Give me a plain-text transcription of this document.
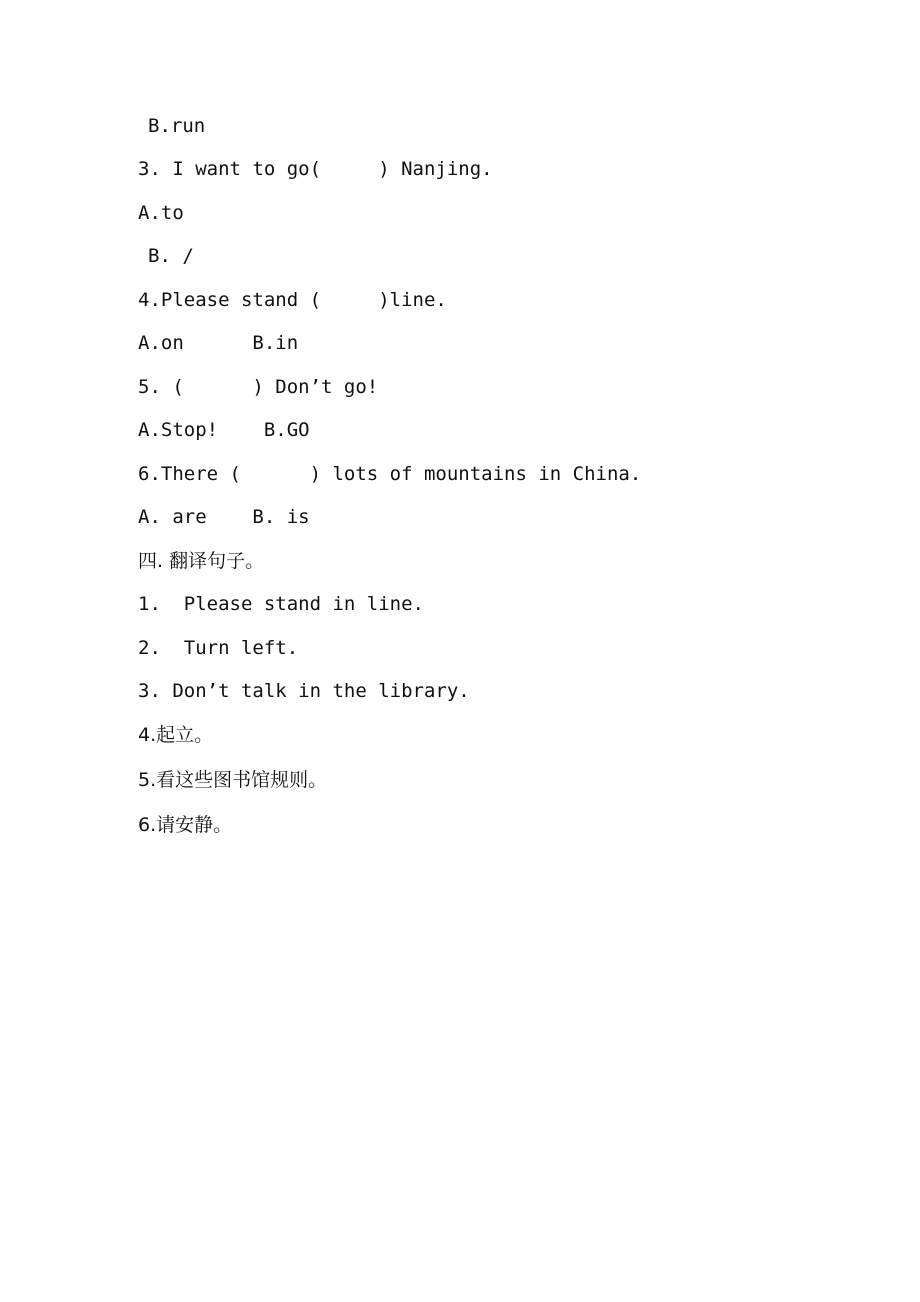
B.run
3. I want to go(     ) Nanjing.
A.to
B. /
4.Please stand (     )line.
A.on      B.in
5. (      ) Don’t go!
A.Stop!    B.GO
6.There (      ) lots of mountains in China.
A. are    B. is
四. 翻译句子。
1.  Please stand in line.
2.  Turn left.
3. Don’t talk in the library.
4.起立。
5.看这些图书馆规则。
6.请安静。
